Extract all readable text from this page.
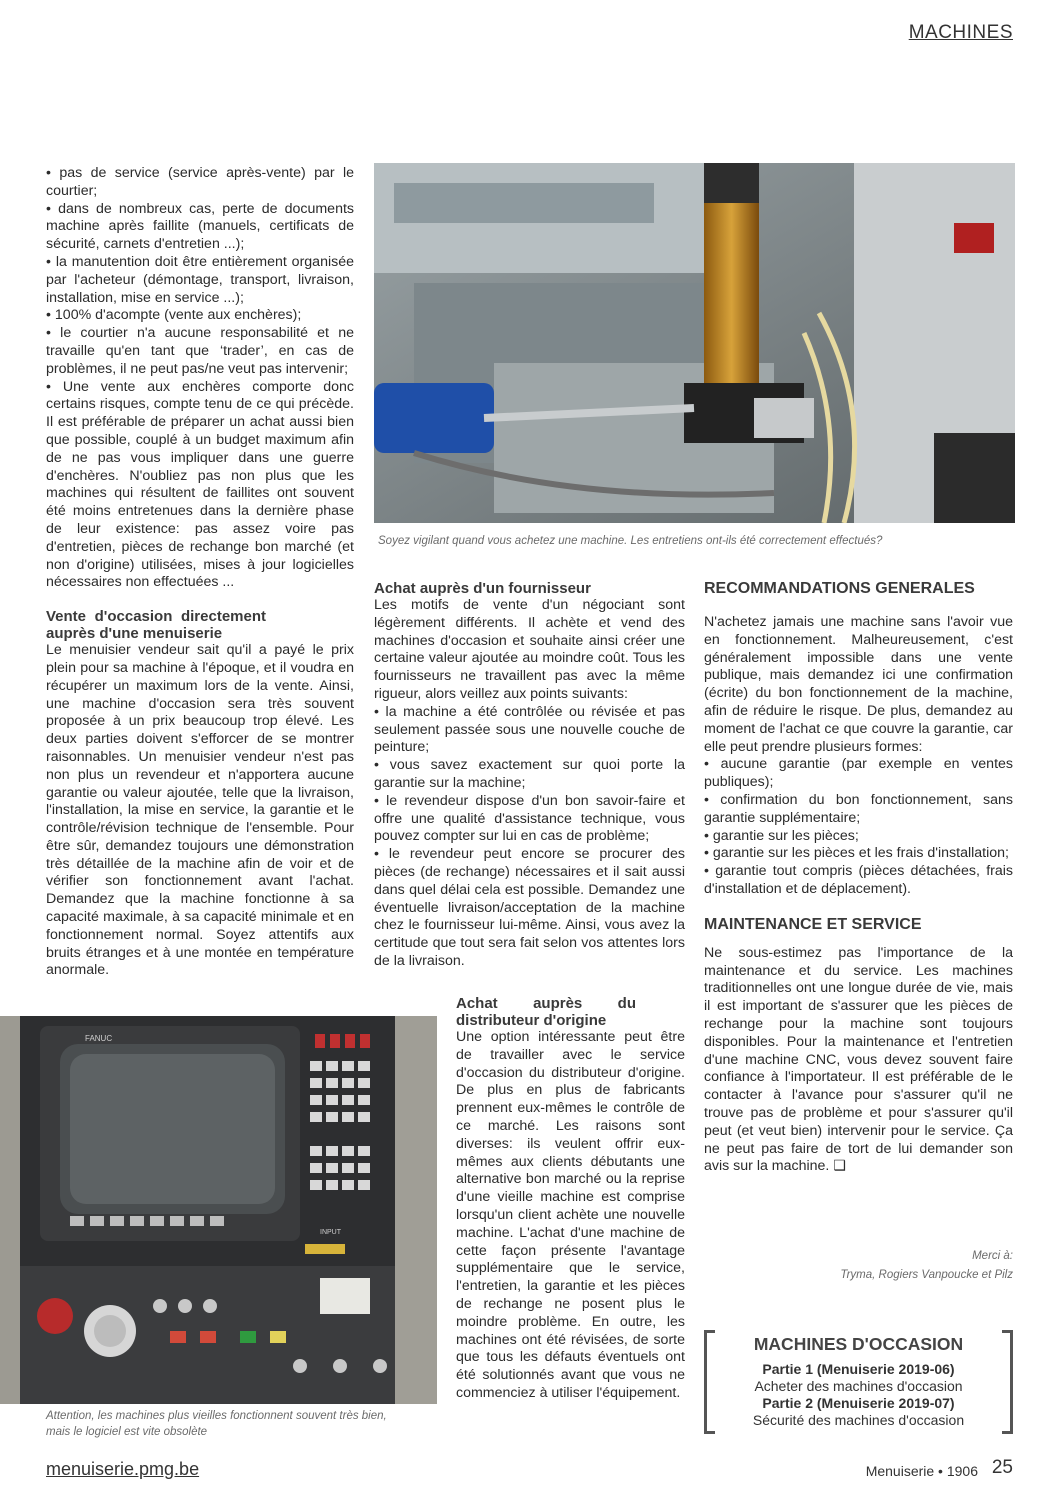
MACHINES

• pas de service (service après-vente) par le courtier;

• dans de nombreux cas, perte de documents machine après faillite (manuels, certificats de sécurité, carnets d'entretien ...);

• la manutention doit être entièrement organisée par l'acheteur (démontage, transport, livraison, installation, mise en service ...);

• 100% d'acompte (vente aux enchères);

• le courtier n'a aucune responsabilité et ne travaille qu'en tant que ‘trader’, en cas de problèmes, il ne peut pas/ne veut pas intervenir;

• Une vente aux enchères comporte donc certains risques, compte tenu de ce qui précède. Il est préférable de préparer un achat aussi bien que possible, couplé à un budget maximum afin de ne pas vous impliquer dans une guerre d'enchères. N'oubliez pas non plus que les machines qui résultent de faillites ont souvent été moins entretenues dans la dernière phase de leur existence: pas assez voire pas d'entretien, pièces de rechange bon marché (et non d'origine) utilisées, mises à jour logicielles nécessaires non effectuées ...

Vente d'occasion directement auprès d'une menuiserie

Le menuisier vendeur sait qu'il a payé le prix plein pour sa machine à l'époque, et il voudra en récupérer un maximum lors de la vente. Ainsi, une machine d'occasion sera très souvent proposée à un prix beaucoup trop élevé. Les deux parties doivent s'efforcer de se montrer raisonnables. Un menuisier vendeur n'est pas non plus un revendeur et n'apportera aucune garantie ou valeur ajoutée, telle que la livraison, l'installation, la mise en service, la garantie et le contrôle/révision technique de l'ensemble. Pour être sûr, demandez toujours une démonstration très détaillée de la machine afin de voir et de vérifier son fonctionnement avant l'achat. Demandez que la machine fonctionne à sa capacité maximale, à sa capacité minimale et en fonctionnement normal. Soyez attentifs aux bruits étranges et à une montée en température anormale.

Soyez vigilant quand vous achetez une machine. Les entretiens ont-ils été correctement effectués?
Achat auprès d'un fournisseur

Les motifs de vente d'un négociant sont légèrement différents. Il achète et vend des machines d'occasion et souhaite ainsi créer une certaine valeur ajoutée au moindre coût. Tous les fournisseurs ne travaillent pas avec la même rigueur, alors veillez aux points suivants:

• la machine a été contrôlée ou révisée et pas seulement passée sous une nouvelle couche de peinture;

• vous savez exactement sur quoi porte la garantie sur la machine;

• le revendeur dispose d'un bon savoir-faire et offre une qualité d'assistance technique, vous pouvez compter sur lui en cas de problème;

• le revendeur peut encore se procurer des pièces (de rechange) nécessaires et il sait aussi dans quel délai cela est possible. Demandez une éventuelle livraison/acceptation de la machine chez le fournisseur lui-même. Ainsi, vous avez la certitude que tout sera fait selon vos attentes lors de la livraison.

Achat auprès du distributeur d'origine

Une option intéressante peut être de travailler avec le service d'occasion du distributeur d'origine. De plus en plus de fabricants prennent eux-mêmes le contrôle de ce marché. Les raisons sont diverses: ils veulent offrir eux-mêmes aux clients débutants une alternative bon marché ou la reprise d'une vieille machine est comprise lorsqu'un client achète une nouvelle machine. L'achat d'une machine de cette façon présente l'avantage supplémentaire que le service, l'entretien, la garantie et les pièces de rechange ne posent plus le moindre problème. En outre, les machines ont été révisées, de sorte que tous les défauts éventuels ont été solutionnés avant que vous ne commenciez à utiliser l'équipement.

RECOMMANDATIONS GENERALES

N'achetez jamais une machine sans l'avoir vue en fonctionnement. Malheureusement, c'est généralement impossible dans une vente publique, mais demandez ici une confirmation (écrite) du bon fonctionnement de la machine, afin de réduire le risque. De plus, demandez au moment de l'achat ce que couvre la garantie, car elle peut prendre plusieurs formes:

• aucune garantie (par exemple en ventes publiques);

• confirmation du bon fonctionnement, sans garantie supplémentaire;

• garantie sur les pièces;

• garantie sur les pièces et les frais d'installation;

• garantie tout compris (pièces détachées, frais d'installation et de déplacement).

MAINTENANCE ET SERVICE

Ne sous-estimez pas l'importance de la maintenance et du service. Les machines traditionnelles ont une longue durée de vie, mais il est important de s'assurer que les pièces de rechange pour la machine sont toujours disponibles. Pour la maintenance et l'entretien d'une machine CNC, vous devez souvent faire confiance à l'importateur. Il est préférable de le contacter à l'avance pour s'assurer qu'il ne trouve pas de problème et pour s'assurer qu'il peut (et veut bien) intervenir pour le service. Ça ne peut pas faire de tort de lui demander son avis sur la machine. ❑

Merci à:
Tryma, Rogiers Vanpoucke et Pilz
FANUC
INPUT
Attention, les machines plus vieilles fonctionnent souvent très bien,
mais le logiciel est vite obsolète
MACHINES D'OCCASION
Partie 1 (Menuiserie 2019-06)
Acheter des machines d'occasion
Partie 2 (Menuiserie 2019-07)
Sécurité des machines d'occasion
menuiserie.pmg.be	Menuiserie • 1906 25
